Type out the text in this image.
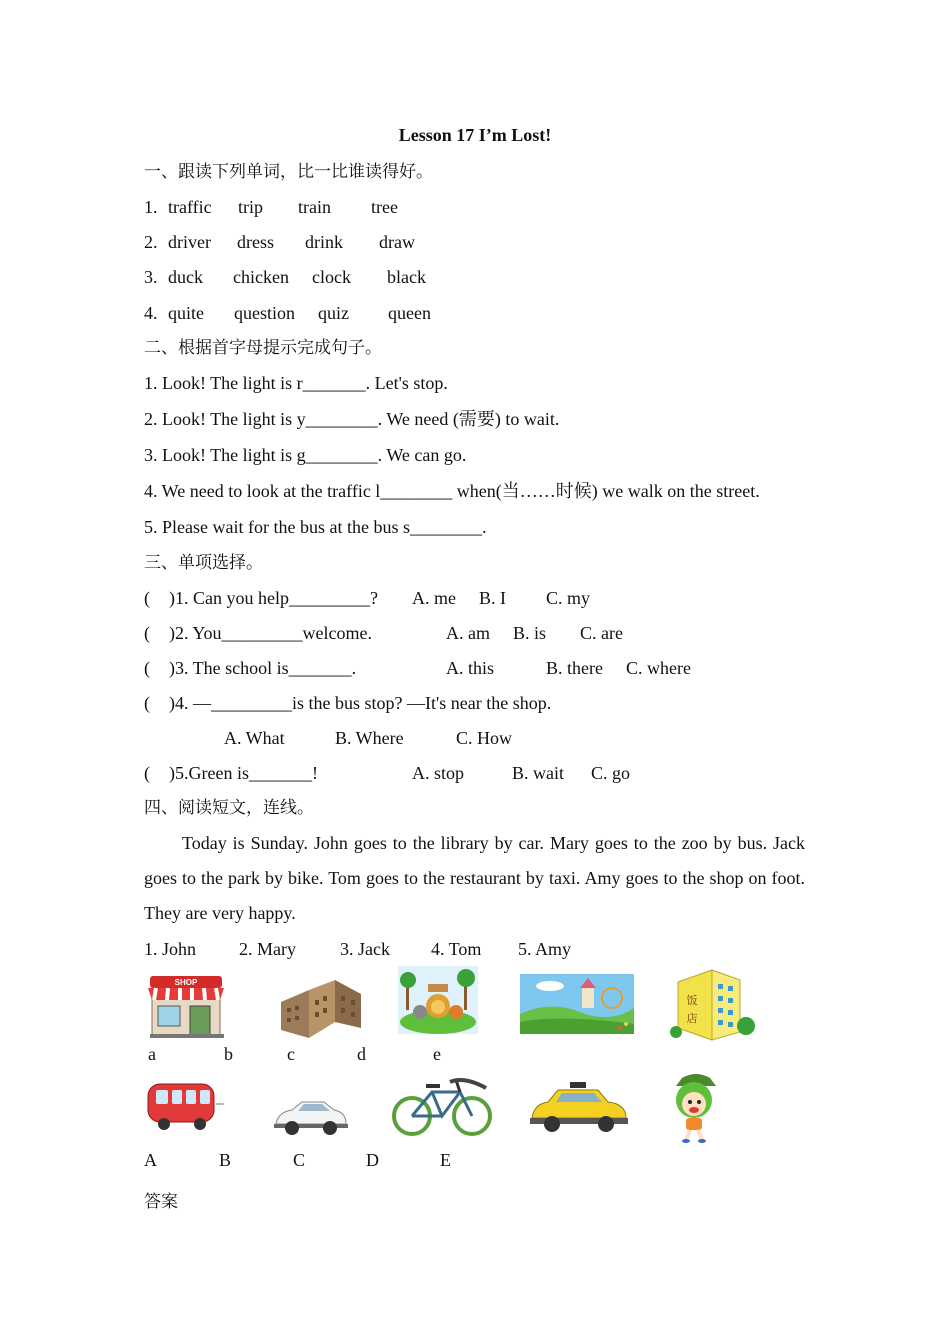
Lesson 17 I’m Lost!
一、跟读下列单词，比一比谁读得好。
1. traffic trip train tree
2. driver dress drink draw
3. duck chicken clock black
4. quite question quiz queen
二、根据首字母提示完成句子。
1. Look! The light is r_______. Let's stop.
2. Look! The light is y________. We need (需要) to wait.
3. Look! The light is g________. We can go.
4. We need to look at the traffic l________ when(当……时候) we walk on the street.
5. Please wait for the bus at the bus s________.
三、单项选择。
( )1. Can you help_________? A. me B. I C. my
( )2. You_________welcome.	A. am B. is C. are
( )3. The school is_______.	A. this	B. there C. where
( )4. —_________is the bus stop? —It's near the shop.
A. What	B. Where	C. How
( )5.Green is_______!	A. stop	B. wait C. go
四、阅读短文，连线。

Today is Sunday. John goes to the library by car. Mary goes to the zoo by bus. Jack goes to the park by bike. Tom goes to the restaurant by taxi. Amy goes to the shop on foot. They are very happy.

1. John 2. Mary 3. Jack 4. Tom 5. Amy
SHOP
饭
店
a	b	c	d	e
A	B	C	D	E
答案
